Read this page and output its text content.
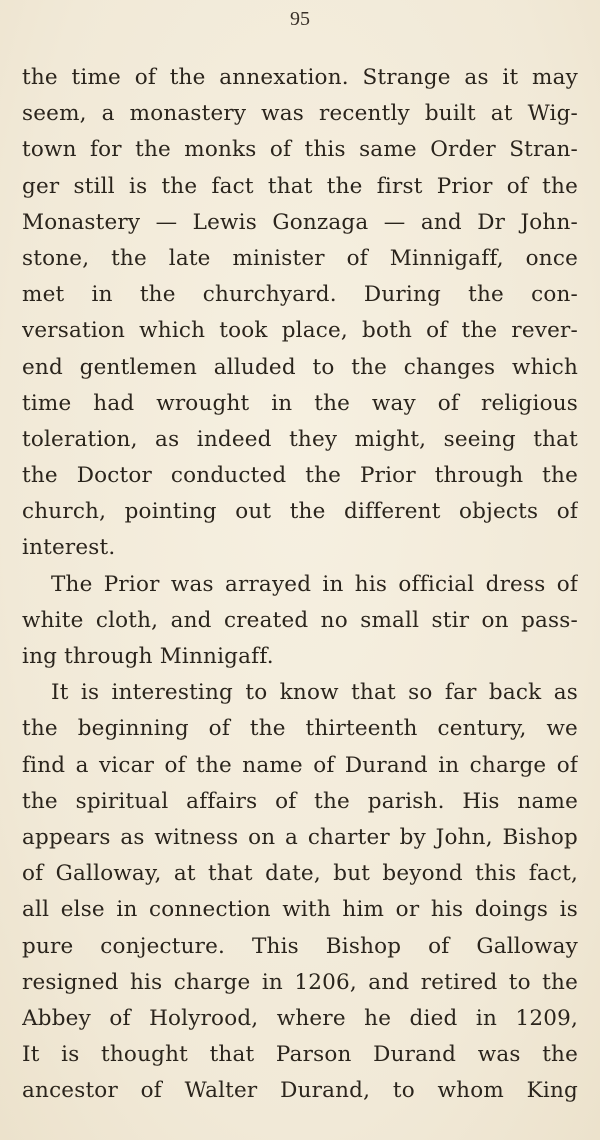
95
the time of the annexation. Strange as it may
seem, a monastery was recently built at Wig-
town for the monks of this same Order Stran-
ger still is the fact that the first Prior of the
Monastery — Lewis Gonzaga — and Dr John-
stone, the late minister of Minnigaff, once
met in the churchyard. During the con-
versation which took place, both of the rever-
end gentlemen alluded to the changes which
time had wrought in the way of religious
toleration, as indeed they might, seeing that
the Doctor conducted the Prior through the
church, pointing out the different objects of
interest.
The Prior was arrayed in his official dress of
white cloth, and created no small stir on pass-
ing through Minnigaff.
It is interesting to know that so far back as
the beginning of the thirteenth century, we
find a vicar of the name of Durand in charge of
the spiritual affairs of the parish. His name
appears as witness on a charter by John, Bishop
of Galloway, at that date, but beyond this fact,
all else in connection with him or his doings is
pure conjecture. This Bishop of Galloway
resigned his charge in 1206, and retired to the
Abbey of Holyrood, where he died in 1209,
It is thought that Parson Durand was the
ancestor of Walter Durand, to whom King
